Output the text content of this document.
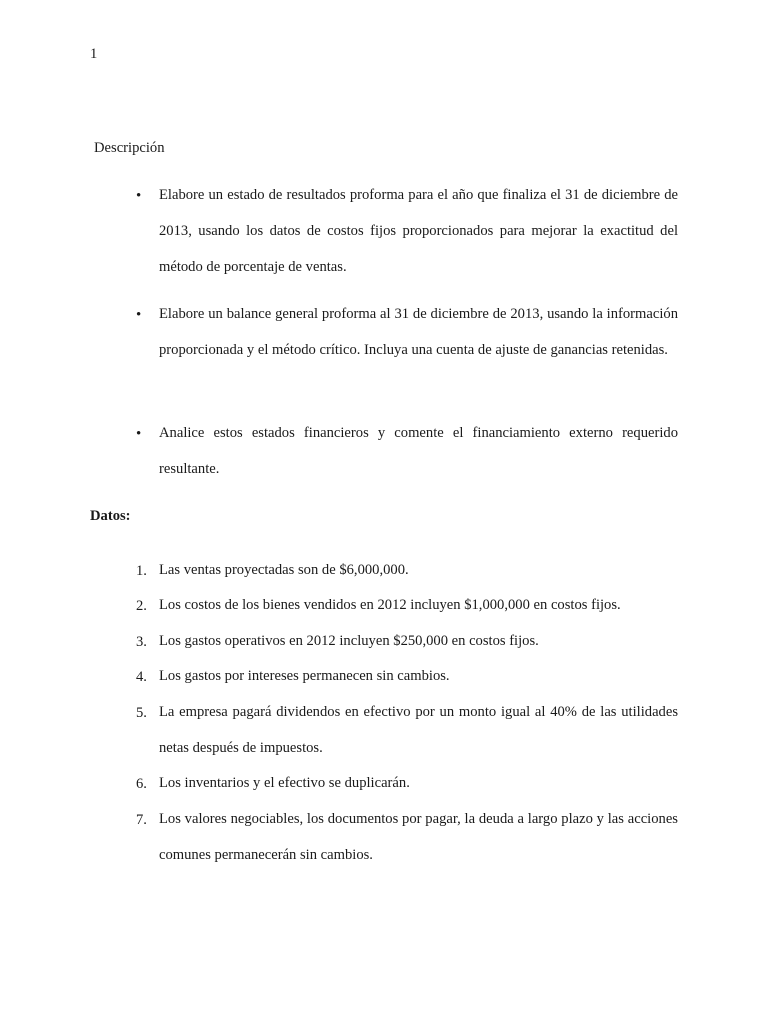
1
Descripción
•	Elabore un estado de resultados proforma para el año que finaliza el 31 de diciembre de 2013, usando los datos de costos fijos proporcionados para mejorar la exactitud del método de porcentaje de ventas.
•	Elabore un balance general proforma al 31 de diciembre de 2013, usando la información proporcionada y el método crítico. Incluya una cuenta de ajuste de ganancias retenidas.
•	Analice estos estados financieros y comente el financiamiento externo requerido resultante.
Datos:
1. Las ventas proyectadas son de $6,000,000.
2. Los costos de los bienes vendidos en 2012 incluyen $1,000,000 en costos fijos.
3. Los gastos operativos en 2012 incluyen $250,000 en costos fijos.
4. Los gastos por intereses permanecen sin cambios.
5. La empresa pagará dividendos en efectivo por un monto igual al 40% de las utilidades netas después de impuestos.
6. Los inventarios y el efectivo se duplicarán.
7. Los valores negociables, los documentos por pagar, la deuda a largo plazo y las acciones comunes permanecerán sin cambios.
